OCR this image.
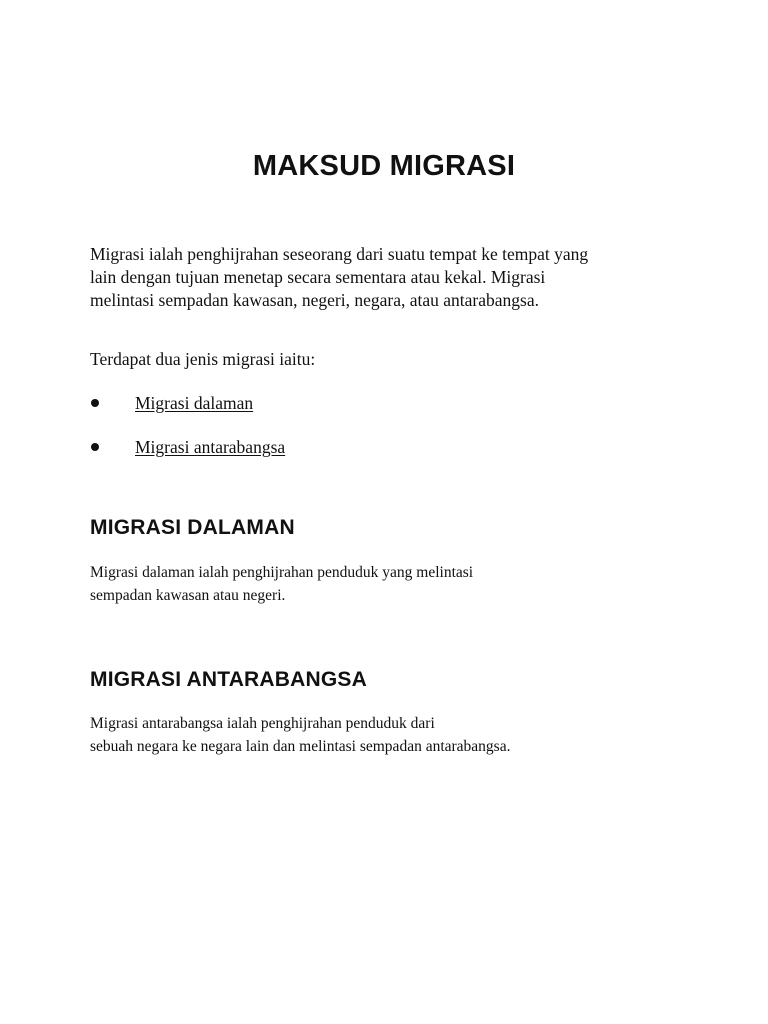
MAKSUD MIGRASI

Migrasi ialah penghijrahan seseorang dari suatu tempat ke tempat yang
lain dengan tujuan menetap secara sementara atau kekal. Migrasi
melintasi sempadan kawasan, negeri, negara, atau antarabangsa.

Terdapat dua jenis migrasi iaitu:

Migrasi dalaman
Migrasi antarabangsa
MIGRASI DALAMAN

Migrasi dalaman ialah penghijrahan penduduk yang melintasi
sempadan kawasan atau negeri.

MIGRASI ANTARABANGSA

Migrasi antarabangsa ialah penghijrahan penduduk dari
sebuah negara ke negara lain dan melintasi sempadan antarabangsa.
